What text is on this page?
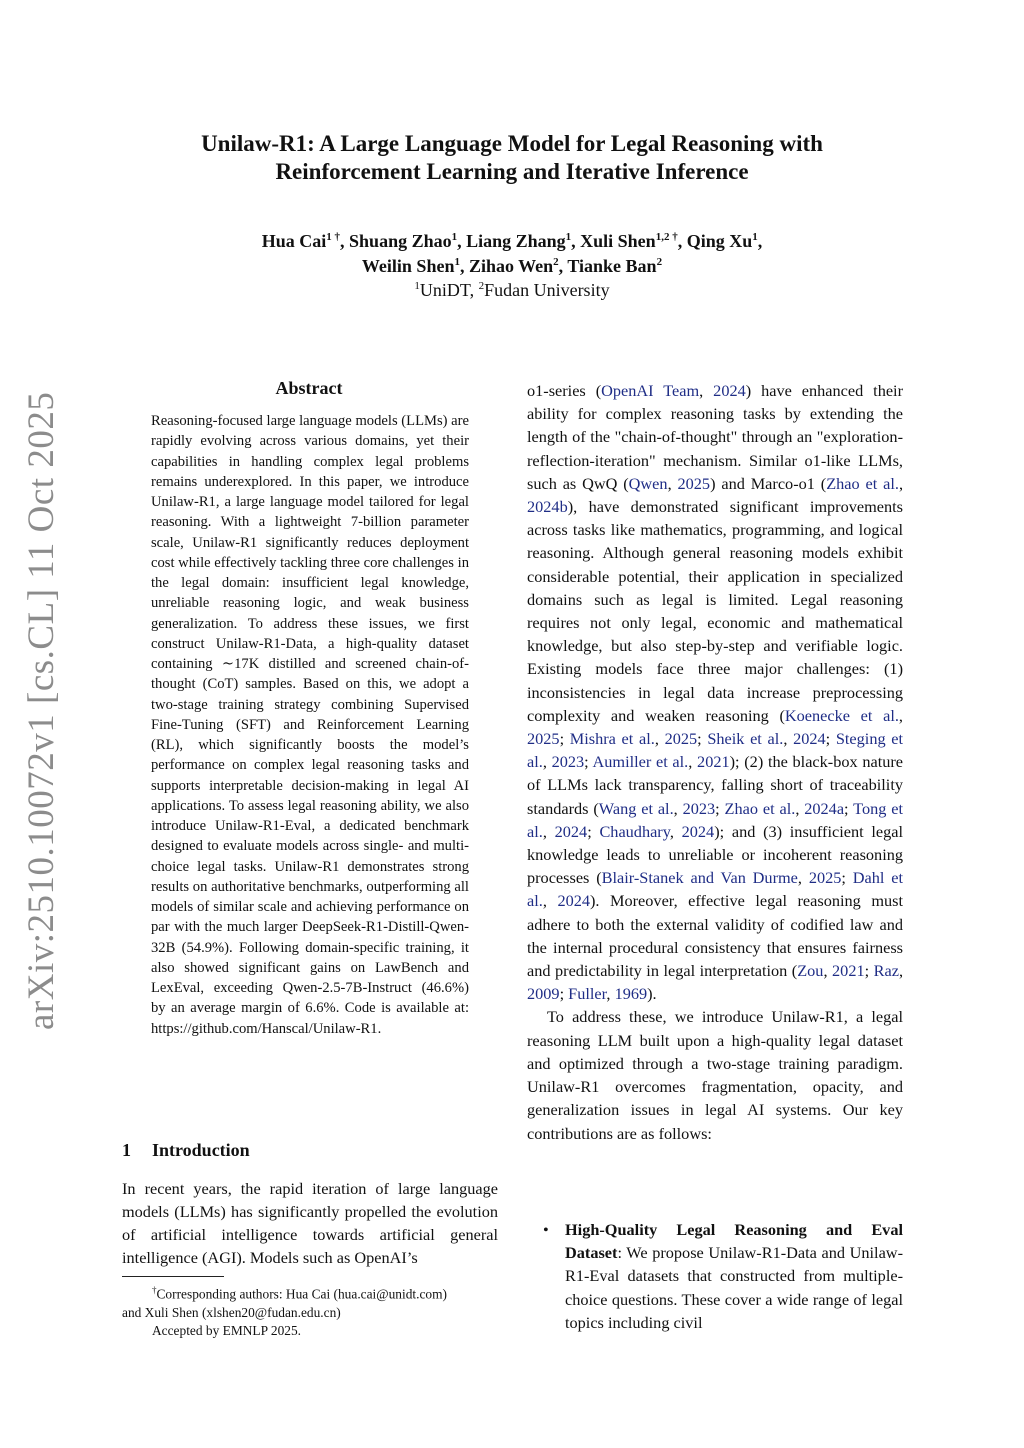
arXiv:2510.10072v1 [cs.CL] 11 Oct 2025
Unilaw-R1: A Large Language Model for Legal Reasoning with
Reinforcement Learning and Iterative Inference
Hua Cai$^{1 \dagger}$, Shuang Zhao$^1$, Liang Zhang$^1$, Xuli Shen$^{1,2 \dagger}$, Qing Xu$^1$,
Weilin Shen$^1$, Zihao Wen$^2$, Tianke Ban$^2$
$^1$UniDT, $^2$Fudan University
Abstract
Reasoning-focused large language models (LLMs) are rapidly evolving across various domains, yet their capabilities in handling complex legal problems remains underexplored. In this paper, we introduce Unilaw-R1, a large language model tailored for legal reasoning. With a lightweight 7-billion parameter scale, Unilaw-R1 significantly reduces deployment cost while effectively tackling three core challenges in the legal domain: insufficient legal knowledge, unreliable reasoning logic, and weak business generalization. To address these issues, we first construct Unilaw-R1-Data, a high-quality dataset containing ∼17K distilled and screened chain-of-thought (CoT) samples. Based on this, we adopt a two-stage training strategy combining Supervised Fine-Tuning (SFT) and Reinforcement Learning (RL), which significantly boosts the model’s performance on complex legal reasoning tasks and supports interpretable decision-making in legal AI applications. To assess legal reasoning ability, we also introduce Unilaw-R1-Eval, a dedicated benchmark designed to evaluate models across single- and multi-choice legal tasks. Unilaw-R1 demonstrates strong results on authoritative benchmarks, outperforming all models of similar scale and achieving performance on par with the much larger DeepSeek-R1-Distill-Qwen-32B (54.9%). Following domain-specific training, it also showed significant gains on LawBench and LexEval, exceeding Qwen-2.5-7B-Instruct (46.6%) by an average margin of 6.6%. Code is available at: https://github.com/Hanscal/Unilaw-R1.
1 Introduction
In recent years, the rapid iteration of large language models (LLMs) has significantly propelled the evolution of artificial intelligence towards artificial general intelligence (AGI). Models such as OpenAI’s
†Corresponding authors: Hua Cai (hua.cai@unidt.com)
and Xuli Shen (xlshen20@fudan.edu.cn)
Accepted by EMNLP 2025.

o1-series (OpenAI Team, 2024) have enhanced their ability for complex reasoning tasks by extending the length of the "chain-of-thought" through an "exploration-reflection-iteration" mechanism. Similar o1-like LLMs, such as QwQ (Qwen, 2025) and Marco-o1 (Zhao et al., 2024b), have demonstrated significant improvements across tasks like mathematics, programming, and logical reasoning. Although general reasoning models exhibit considerable potential, their application in specialized domains such as legal is limited. Legal reasoning requires not only legal, economic and mathematical knowledge, but also step-by-step and verifiable logic. Existing models face three major challenges: (1) inconsistencies in legal data increase preprocessing complexity and weaken reasoning (Koenecke et al., 2025; Mishra et al., 2025; Sheik et al., 2024; Steging et al., 2023; Aumiller et al., 2021); (2) the black-box nature of LLMs lack transparency, falling short of traceability standards (Wang et al., 2023; Zhao et al., 2024a; Tong et al., 2024; Chaudhary, 2024); and (3) insufficient legal knowledge leads to unreliable or incoherent reasoning processes (Blair-Stanek and Van Durme, 2025; Dahl et al., 2024). Moreover, effective legal reasoning must adhere to both the external validity of codified law and the internal procedural consistency that ensures fairness and predictability in legal interpretation (Zou, 2021; Raz, 2009; Fuller, 1969).

To address these, we introduce Unilaw-R1, a legal reasoning LLM built upon a high-quality legal dataset and optimized through a two-stage training paradigm. Unilaw-R1 overcomes fragmentation, opacity, and generalization issues in legal AI systems. Our key contributions are as follows:

• High-Quality Legal Reasoning and Eval Dataset: We propose Unilaw-R1-Data and Unilaw-R1-Eval datasets that constructed from multiple-choice questions. These cover a wide range of legal topics including civil
